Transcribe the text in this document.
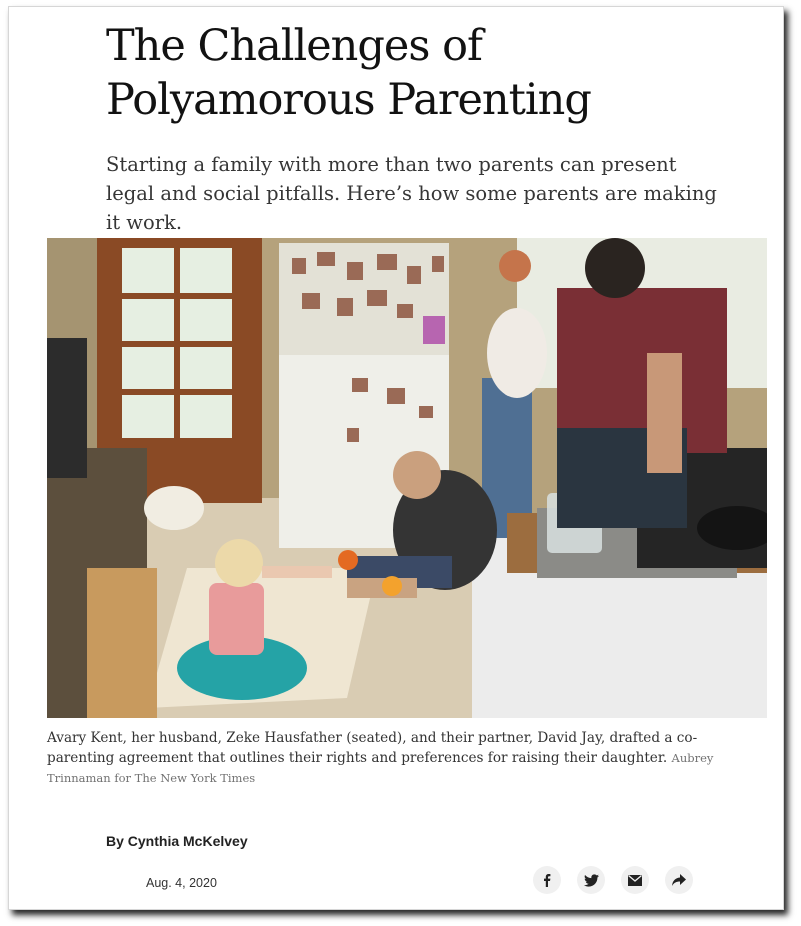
The Challenges of Polyamorous Parenting

Starting a family with more than two parents can present legal and social pitfalls. Here’s how some parents are making it work.

Avary Kent, her husband, Zeke Hausfather (seated), and their partner, David Jay, drafted a co-parenting agreement that outlines their rights and preferences for raising their daughter. Aubrey Trinnaman for The New York Times

By Cynthia McKelvey

Aug. 4, 2020
